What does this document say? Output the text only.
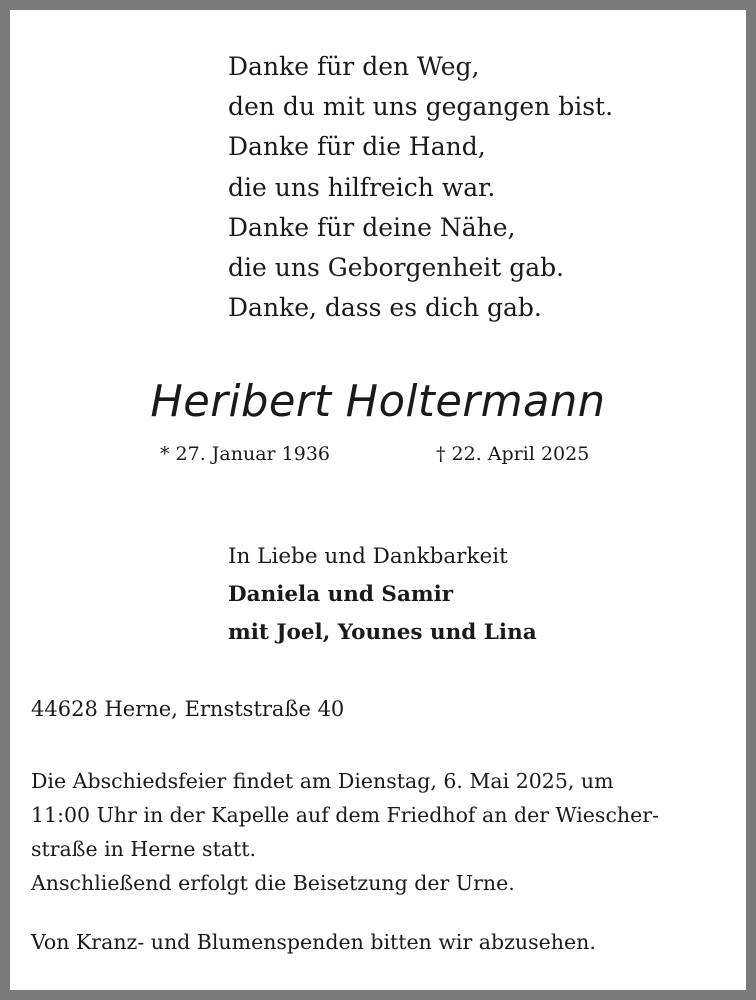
Danke für den Weg,
den du mit uns gegangen bist.
Danke für die Hand,
die uns hilfreich war.
Danke für deine Nähe,
die uns Geborgenheit gab.
Danke, dass es dich gab.
Heribert Holtermann
* 27. Januar 1936	† 22. April 2025
In Liebe und Dankbarkeit
Daniela und Samir
mit Joel, Younes und Lina
44628 Herne, Ernststraße 40
Die Abschiedsfeier findet am Dienstag, 6. Mai 2025, um
11:00 Uhr in der Kapelle auf dem Friedhof an der Wiescher-
straße in Herne statt.
Anschließend erfolgt die Beisetzung der Urne.
Von Kranz- und Blumenspenden bitten wir abzusehen.
